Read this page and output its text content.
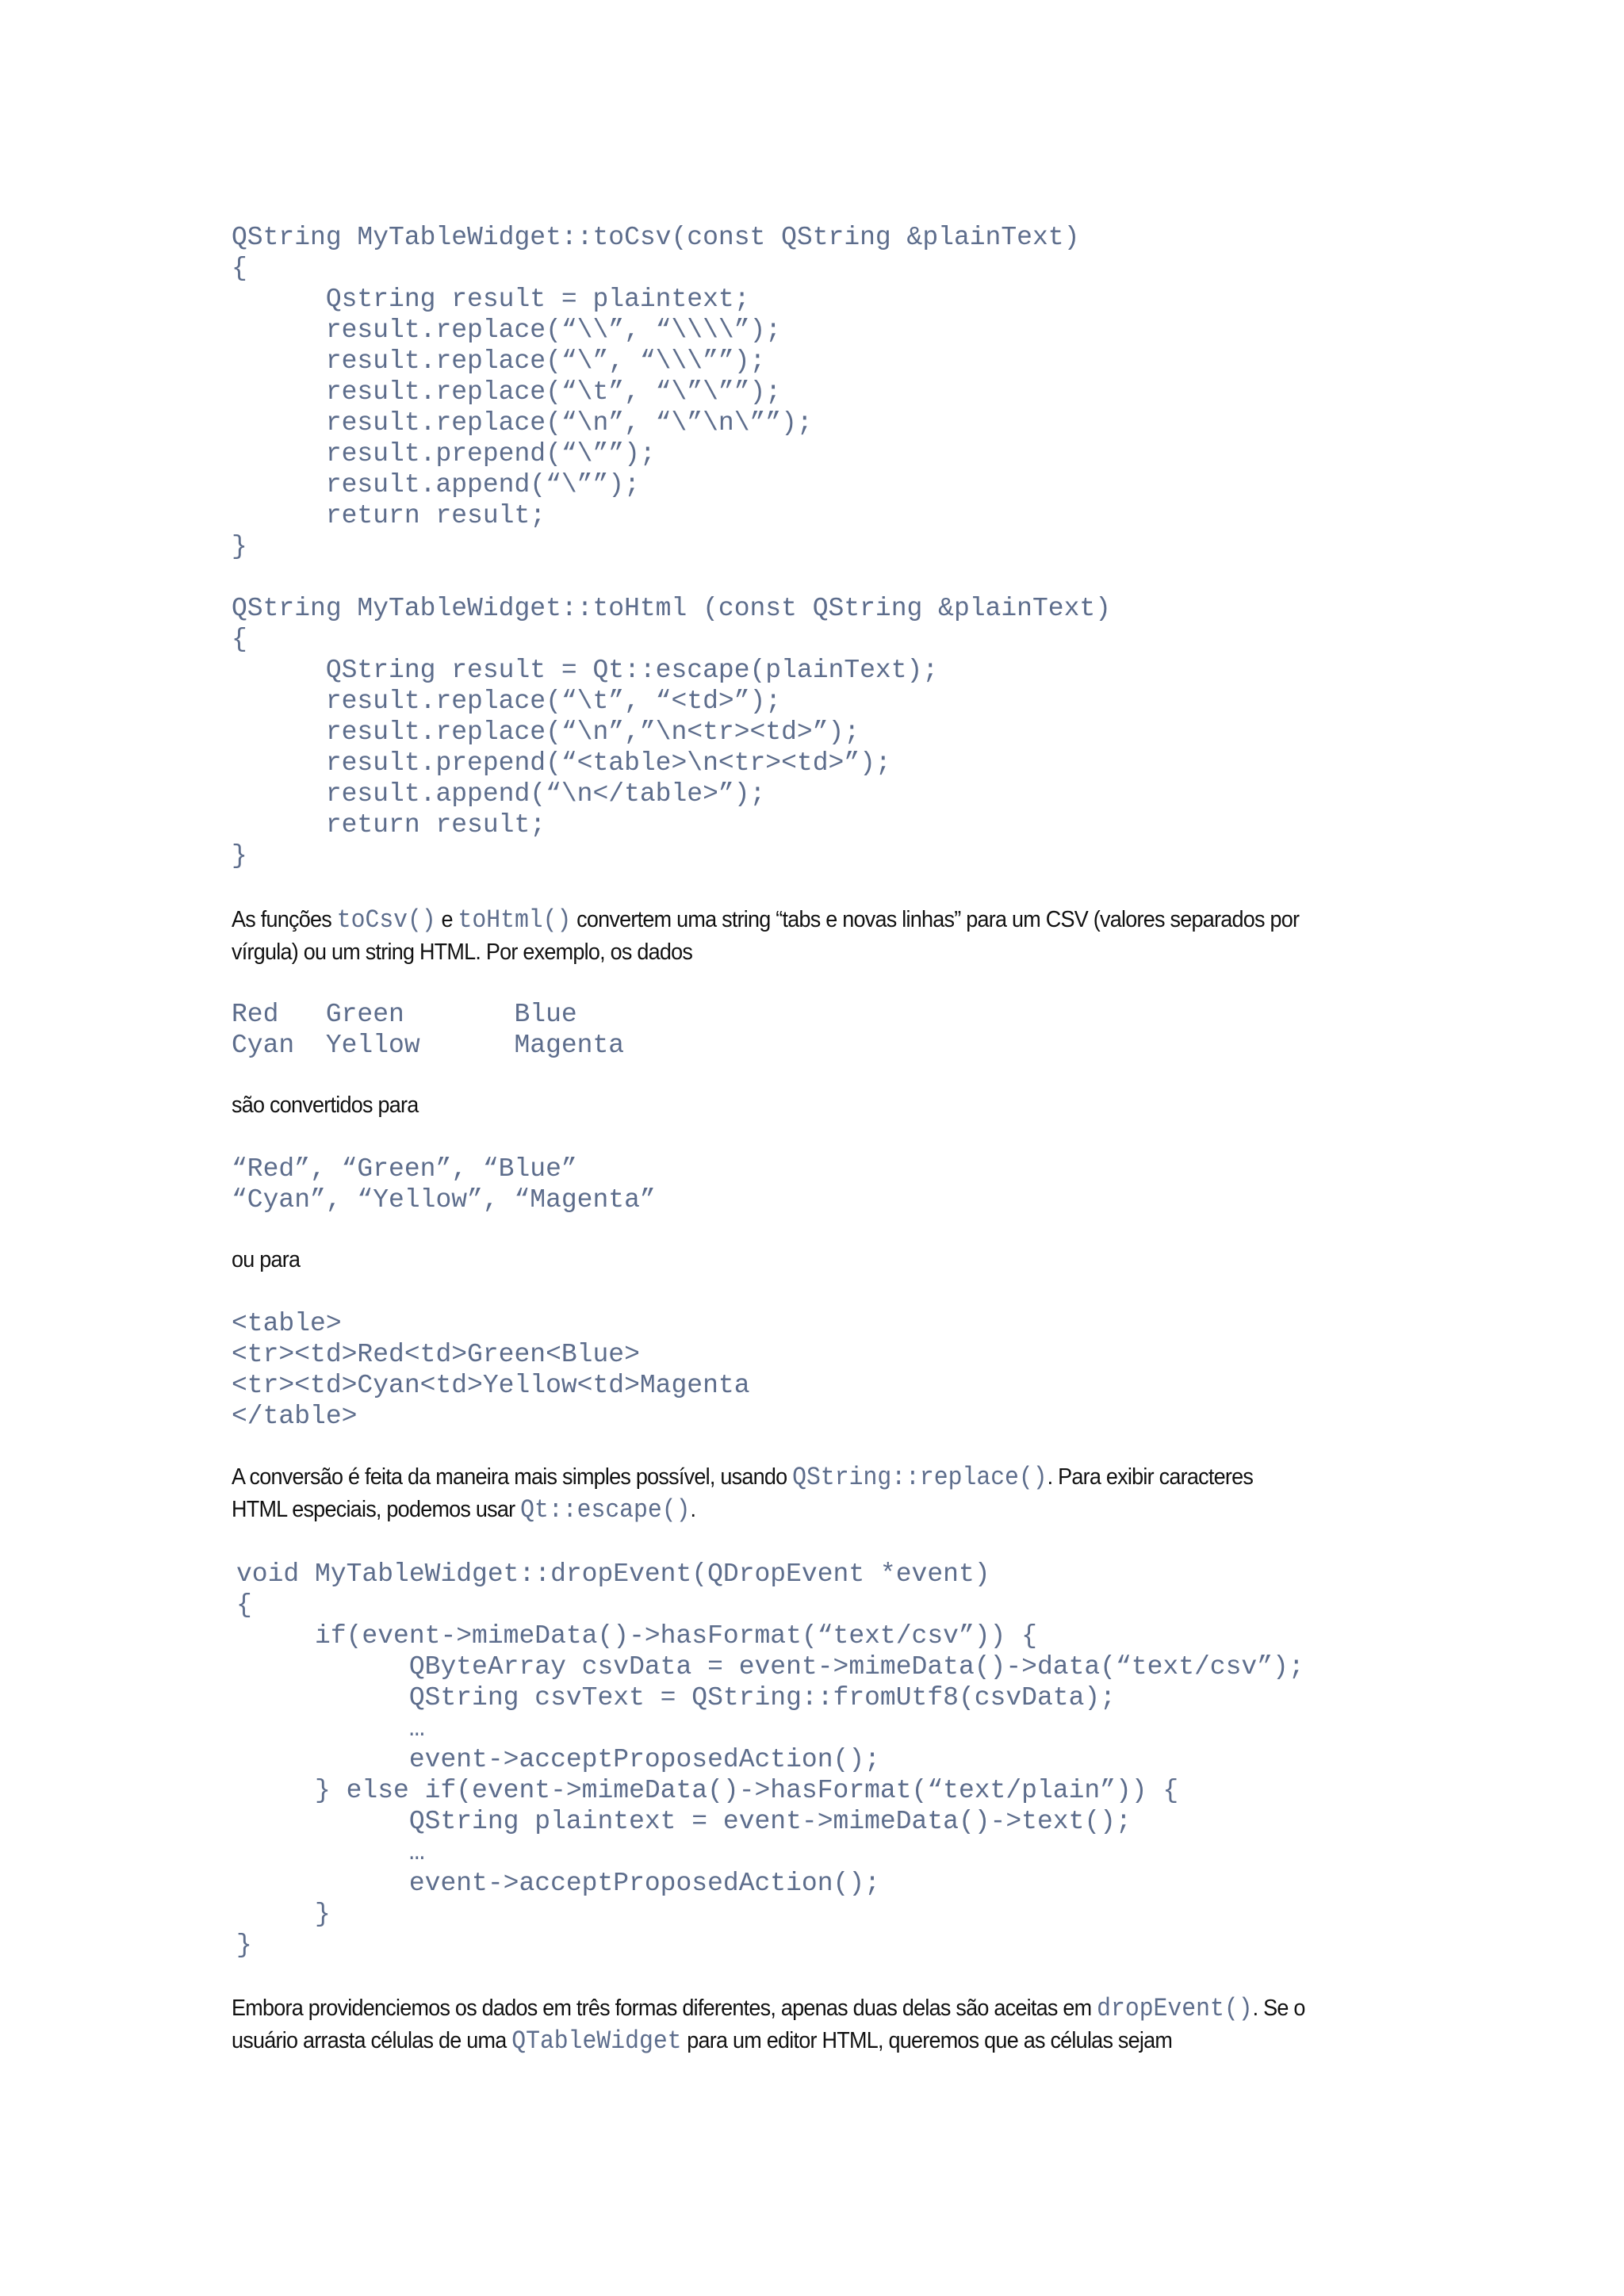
QString MyTableWidget::toCsv(const QString &plainText)
{
Qstring result = plaintext;
result.replace(“\\”, “\\\\”);
result.replace(“\”, “\\\””);
result.replace(“\t”, “\”\””);
result.replace(“\n”, “\”\n\””);
result.prepend(“\””);
result.append(“\””);
return result;
}
QString MyTableWidget::toHtml (const QString &plainText)
{
QString result = Qt::escape(plainText);
result.replace(“\t”, “<td>”);
result.replace(“\n”,”\n<tr><td>”);
result.prepend(“<table>\n<tr><td>”);
result.append(“\n</table>”);
return result;
}

As funções toCsv() e toHtml() convertem uma string “tabs e novas linhas” para um CSV (valores separados por vírgula) ou um string HTML. Por exemplo, os dados

Red   Green       Blue
Cyan  Yellow      Magenta

são convertidos para

“Red”, “Green”, “Blue”
“Cyan”, “Yellow”, “Magenta”

ou para

<table>
<tr><td>Red<td>Green<Blue>
<tr><td>Cyan<td>Yellow<td>Magenta
</table>

A conversão é feita da maneira mais simples possível, usando QString::replace(). Para exibir caracteres HTML especiais, podemos usar Qt::escape().

void MyTableWidget::dropEvent(QDropEvent *event)
{
if(event->mimeData()->hasFormat(“text/csv”)) {
QByteArray csvData = event->mimeData()->data(“text/csv”);
QString csvText = QString::fromUtf8(csvData);
…
event->acceptProposedAction();
} else if(event->mimeData()->hasFormat(“text/plain”)) {
QString plaintext = event->mimeData()->text();
…
event->acceptProposedAction();
}
}

Embora providenciemos os dados em três formas diferentes, apenas duas delas são aceitas em dropEvent(). Se o usuário arrasta células de uma QTableWidget para um editor HTML, queremos que as células sejam
